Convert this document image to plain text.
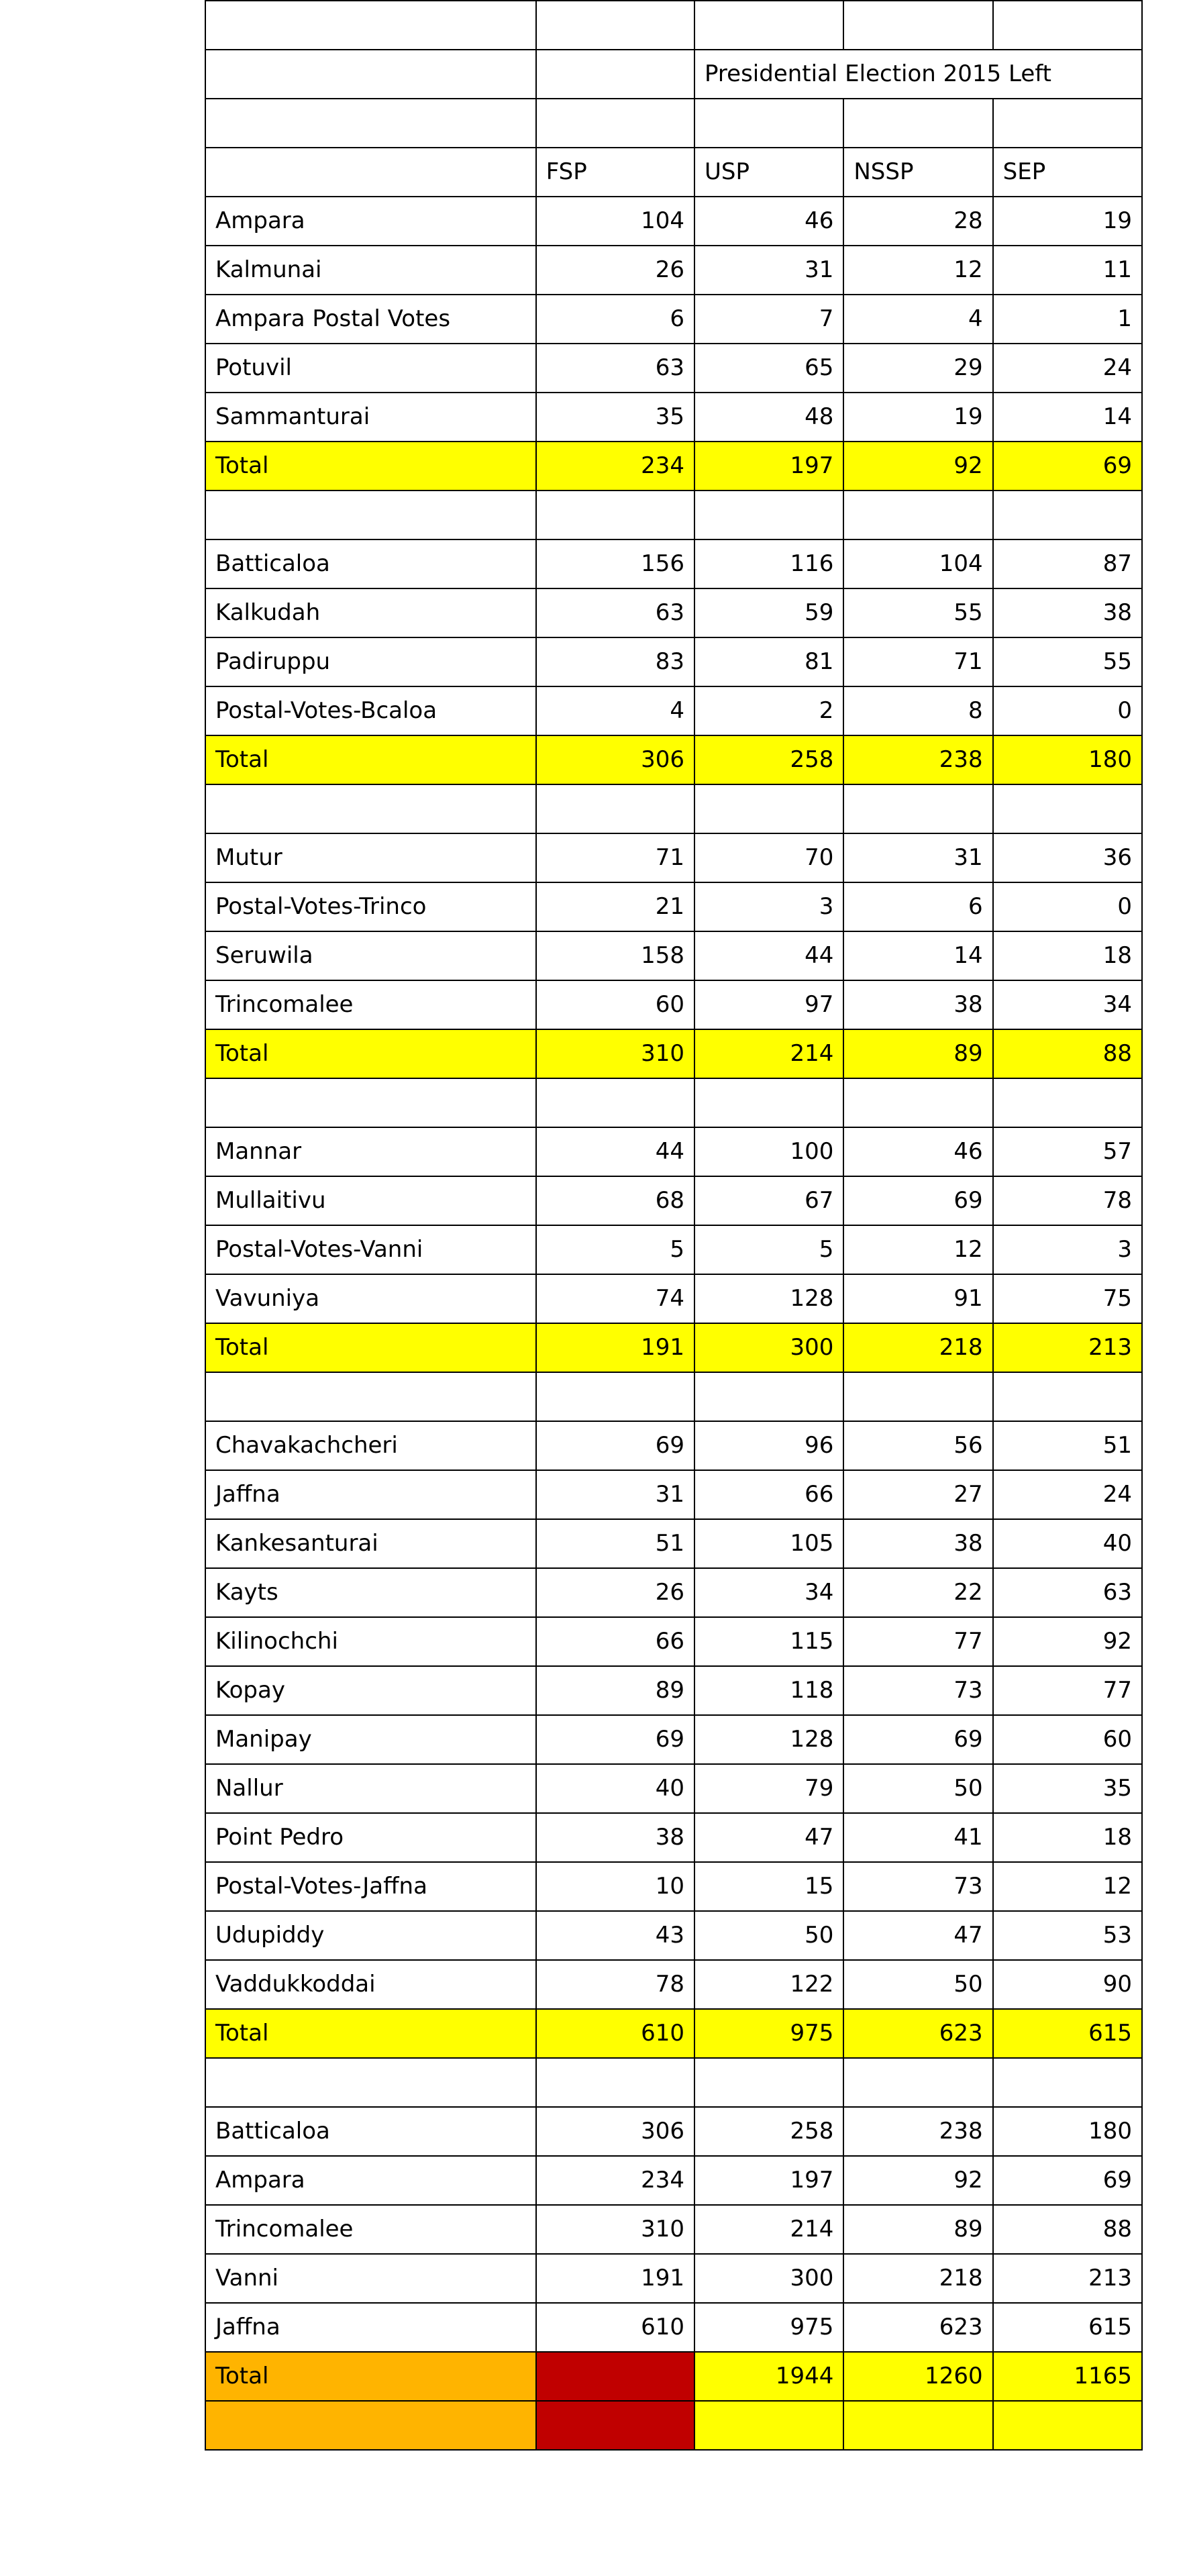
		Presidential Election 2015 Left		

	FSP	USP	NSSP	SEP
Ampara	104	46	28	19
Kalmunai	26	31	12	11
Ampara Postal Votes	6	7	4	1
Potuvil	63	65	29	24
Sammanturai	35	48	19	14
Total	234	197	92	69

Batticaloa	156	116	104	87
Kalkudah	63	59	55	38
Padiruppu	83	81	71	55
Postal-Votes-Bcaloa	4	2	8	0
Total	306	258	238	180

Mutur	71	70	31	36
Postal-Votes-Trinco	21	3	6	0
Seruwila	158	44	14	18
Trincomalee	60	97	38	34
Total	310	214	89	88

Mannar	44	100	46	57
Mullaitivu	68	67	69	78
Postal-Votes-Vanni	5	5	12	3
Vavuniya	74	128	91	75
Total	191	300	218	213

Chavakachcheri	69	96	56	51
Jaffna	31	66	27	24
Kankesanturai	51	105	38	40
Kayts	26	34	22	63
Kilinochchi	66	115	77	92
Kopay	89	118	73	77
Manipay	69	128	69	60
Nallur	40	79	50	35
Point Pedro	38	47	41	18
Postal-Votes-Jaffna	10	15	73	12
Udupiddy	43	50	47	53
Vaddukkoddai	78	122	50	90
Total	610	975	623	615

Batticaloa	306	258	238	180
Ampara	234	197	92	69
Trincomalee	310	214	89	88
Vanni	191	300	218	213
Jaffna	610	975	623	615
Total	1651	1944	1260	1165
